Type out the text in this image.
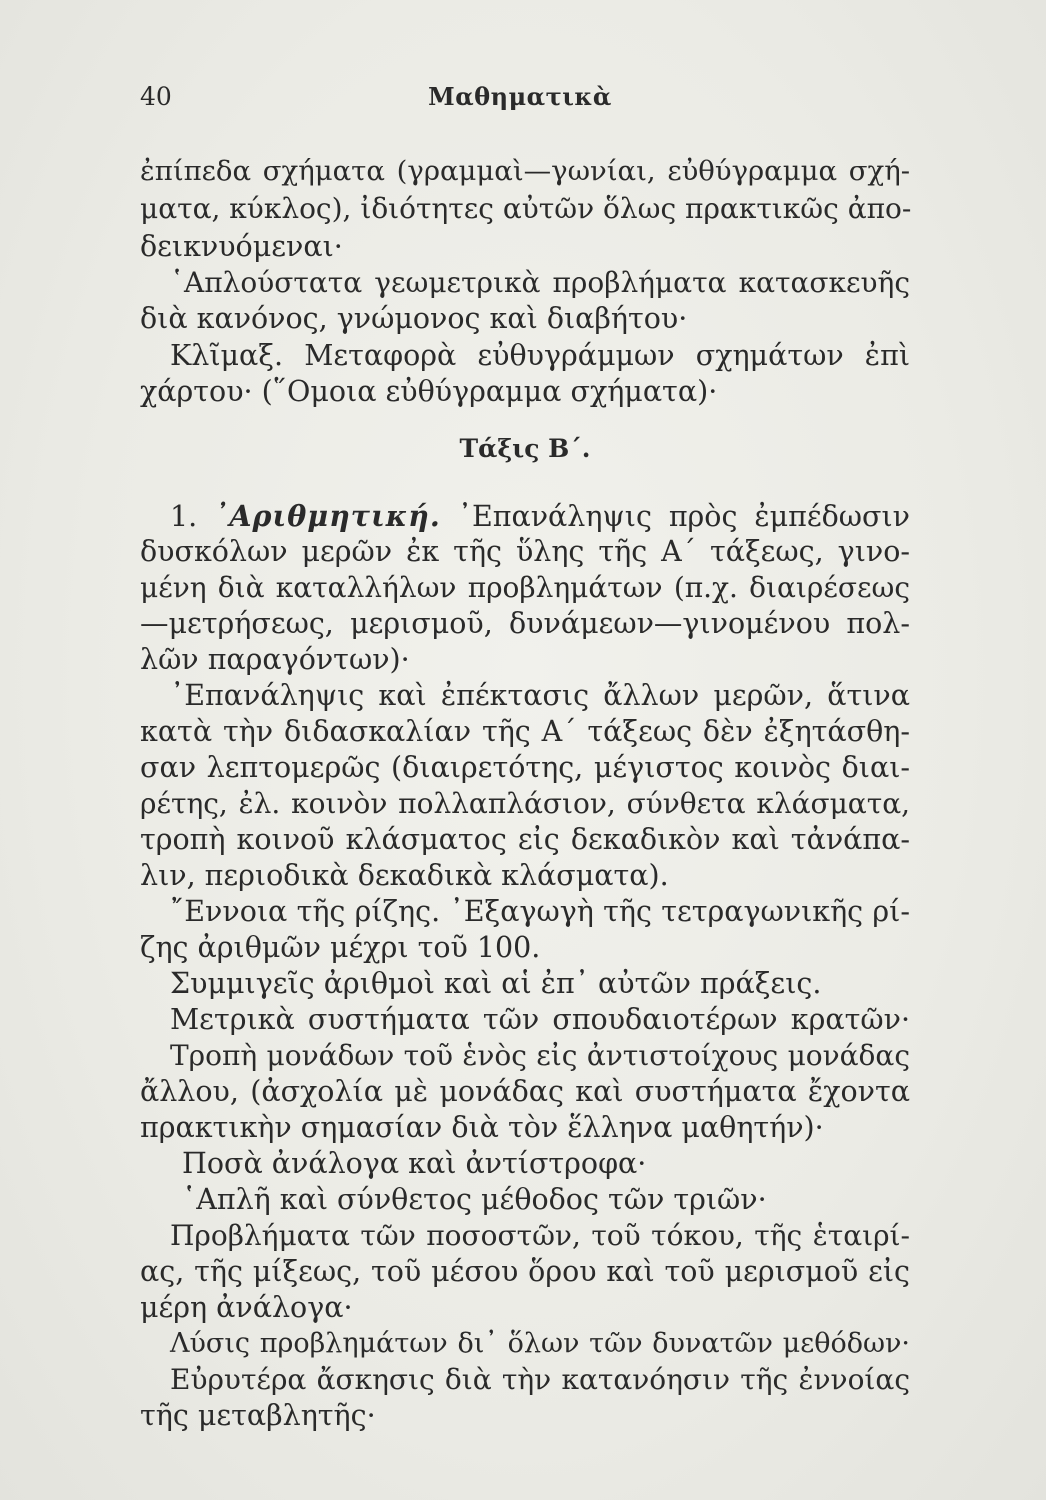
40	Μαθηματικὰ
ἐπίπεδα σχήματα (γραμμαὶ—γωνίαι, εὐθύγραμμα σχή-
ματα, κύκλος), ἰδιότητες αὐτῶν ὅλως πρακτικῶς ἀπο-
δεικνυόμεναι·
῾Απλούστατα γεωμετρικὰ προβλήματα κατασκευῆς
διὰ κανόνος, γνώμονος καὶ διαβήτου·
Κλῖμαξ. Μεταφορὰ εὐθυγράμμων σχημάτων ἐπὶ
χάρτου· (῞Ομοια εὐθύγραμμα σχήματα)·
Τάξις Β΄.
1. ᾿Αριθμητική. ᾿Επανάληψις πρὸς ἐμπέδωσιν
δυσκόλων μερῶν ἐκ τῆς ὕλης τῆς Α΄ τάξεως, γινο-
μένη διὰ καταλλήλων προβλημάτων (π.χ. διαιρέσεως
—μετρήσεως, μερισμοῦ, δυνάμεων—γινομένου πολ-
λῶν παραγόντων)·
᾿Επανάληψις καὶ ἐπέκτασις ἄλλων μερῶν, ἅτινα
κατὰ τὴν διδασκαλίαν τῆς Α΄ τάξεως δὲν ἐξητάσθη-
σαν λεπτομερῶς (διαιρετότης, μέγιστος κοινὸς διαι-
ρέτης, ἐλ. κοινὸν πολλαπλάσιον, σύνθετα κλάσματα,
τροπὴ κοινοῦ κλάσματος εἰς δεκαδικὸν καὶ τἀνάπα-
λιν, περιοδικὰ δεκαδικὰ κλάσματα).
῎Εννοια τῆς ρίζης. ᾿Εξαγωγὴ τῆς τετραγωνικῆς ρί-
ζης ἀριθμῶν μέχρι τοῦ 100.
Συμμιγεῖς ἀριθμοὶ καὶ αἱ ἐπ᾿ αὐτῶν πράξεις.
Μετρικὰ συστήματα τῶν σπουδαιοτέρων κρατῶν·
Τροπὴ μονάδων τοῦ ἑνὸς εἰς ἀντιστοίχους μονάδας
ἄλλου, (ἀσχολία μὲ μονάδας καὶ συστήματα ἔχοντα
πρακτικὴν σημασίαν διὰ τὸν ἕλληνα μαθητήν)·
Ποσὰ ἀνάλογα καὶ ἀντίστροφα·
῾Απλῆ καὶ σύνθετος μέθοδος τῶν τριῶν·
Προβλήματα τῶν ποσοστῶν, τοῦ τόκου, τῆς ἑταιρί-
ας, τῆς μίξεως, τοῦ μέσου ὅρου καὶ τοῦ μερισμοῦ εἰς
μέρη ἀνάλογα·
Λύσις προβλημάτων δι᾿ ὅλων τῶν δυνατῶν μεθόδων·
Εὐρυτέρα ἄσκησις διὰ τὴν κατανόησιν τῆς ἐννοίας
τῆς μεταβλητῆς·
